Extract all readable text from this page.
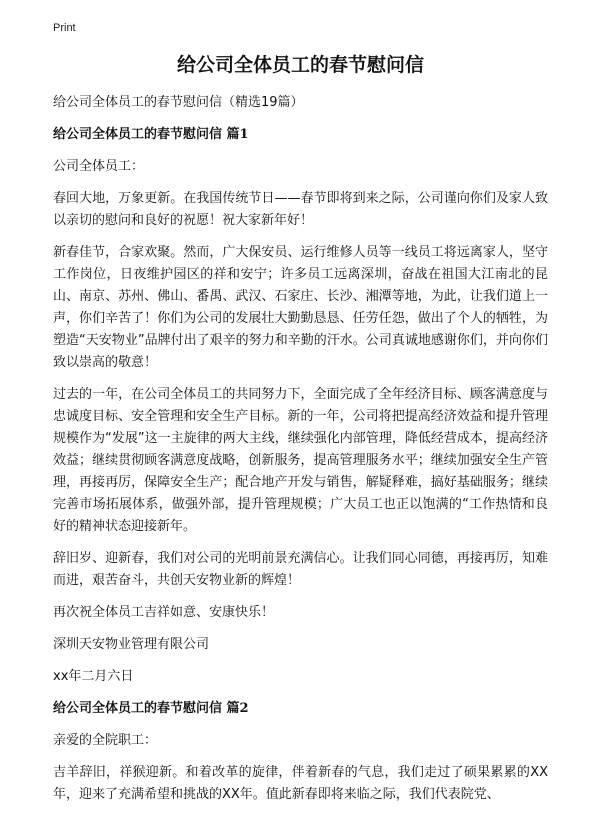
Print
给公司全体员工的春节慰问信

给公司全体员工的春节慰问信（精选19篇）

给公司全体员工的春节慰问信 篇1

公司全体员工：

春回大地，万象更新。在我国传统节日——春节即将到来之际，公司谨向你们及家人致以亲切的慰问和良好的祝愿！祝大家新年好！

新春佳节，合家欢聚。然而，广大保安员、运行维修人员等一线员工将远离家人，坚守工作岗位，日夜维护园区的祥和安宁；许多员工远离深圳，奋战在祖国大江南北的昆山、南京、苏州、佛山、番禺、武汉、石家庄、长沙、湘潭等地，为此，让我们道上一声，你们辛苦了！你们为公司的发展壮大勤勤恳恳、任劳任怨，做出了个人的牺牲，为塑造“天安物业”品牌付出了艰辛的努力和辛勤的汗水。公司真诚地感谢你们，并向你们致以崇高的敬意！

过去的一年，在公司全体员工的共同努力下，全面完成了全年经济目标、顾客满意度与忠诚度目标、安全管理和安全生产目标。新的一年，公司将把提高经济效益和提升管理规模作为“发展”这一主旋律的两大主线，继续强化内部管理，降低经营成本，提高经济效益；继续贯彻顾客满意度战略，创新服务，提高管理服务水平；继续加强安全生产管理，再接再厉，保障安全生产；配合地产开发与销售，解疑释难，搞好基础服务；继续完善市场拓展体系，做强外部，提升管理规模；广大员工也正以饱满的“工作热情和良好的精神状态迎接新年。

辞旧岁、迎新春，我们对公司的光明前景充满信心。让我们同心同德，再接再厉，知难而进，艰苦奋斗，共创天安物业新的辉煌！

再次祝全体员工吉祥如意、安康快乐！

深圳天安物业管理有限公司

xx年二月六日

给公司全体员工的春节慰问信 篇2

亲爱的全院职工：

吉羊辞旧，祥猴迎新。和着改革的旋律，伴着新春的气息，我们走过了硕果累累的XX年，迎来了充满希望和挑战的XX年。值此新春即将来临之际，我们代表院党、
